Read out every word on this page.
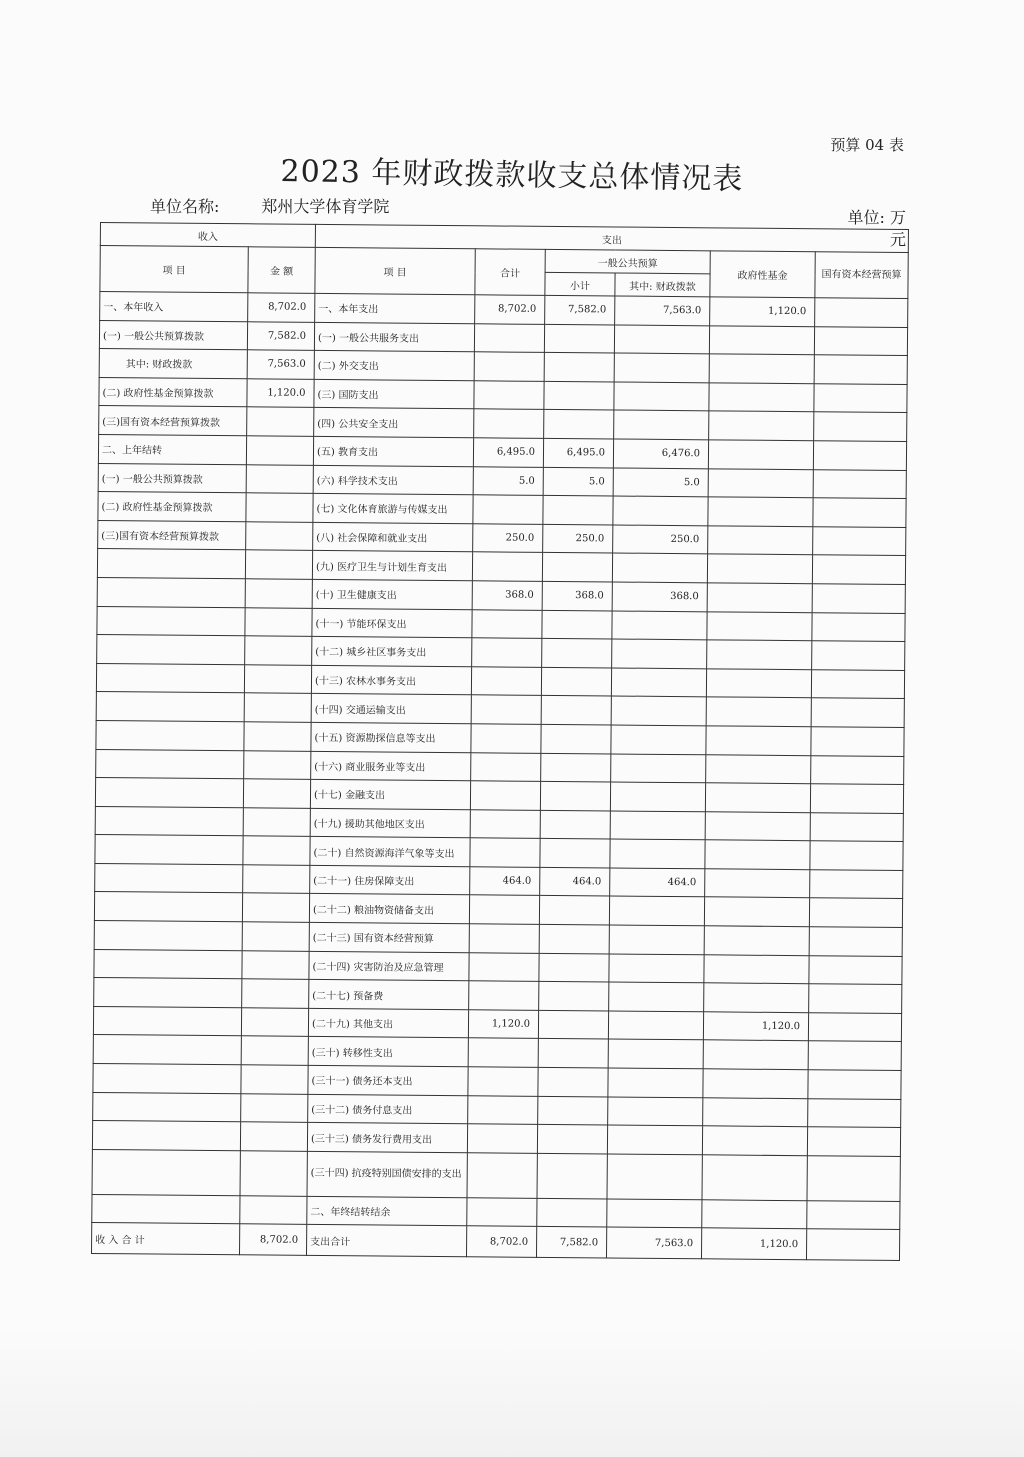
预算 04 表
2023 年财政拨款收支总体情况表
单位名称:	郑州大学体育学院
单位: 万元
收入		支出					
项 目	金 额	项 目	合计	一般公共预算		政府性基金	国有资本经营预算
				小计	其中: 财政拨款		
一、本年收入	8,702.0	一、本年支出	8,702.0	7,582.0	7,563.0	1,120.0	
(一) 一般公共预算拨款	7,582.0	(一) 一般公共服务支出					
其中: 财政拨款	7,563.0	(二) 外交支出					
(二) 政府性基金预算拨款	1,120.0	(三) 国防支出					
(三)国有资本经营预算拨款		(四) 公共安全支出					
二、上年结转		(五) 教育支出	6,495.0	6,495.0	6,476.0		
(一) 一般公共预算拨款		(六) 科学技术支出	5.0	5.0	5.0		
(二) 政府性基金预算拨款		(七) 文化体育旅游与传媒支出					
(三)国有资本经营预算拨款		(八) 社会保障和就业支出	250.0	250.0	250.0		
		(九) 医疗卫生与计划生育支出					
		(十) 卫生健康支出	368.0	368.0	368.0		
		(十一) 节能环保支出					
		(十二) 城乡社区事务支出					
		(十三) 农林水事务支出					
		(十四) 交通运输支出					
		(十五) 资源勘探信息等支出					
		(十六) 商业服务业等支出					
		(十七) 金融支出					
		(十九) 援助其他地区支出					
		(二十) 自然资源海洋气象等支出					
		(二十一) 住房保障支出	464.0	464.0	464.0		
		(二十二) 粮油物资储备支出					
		(二十三) 国有资本经营预算					
		(二十四) 灾害防治及应急管理					
		(二十七) 预备费					
		(二十九) 其他支出	1,120.0			1,120.0	
		(三十) 转移性支出					
		(三十一) 债务还本支出					
		(三十二) 债务付息支出					
		(三十三) 债务发行费用支出					
		(三十四) 抗疫特别国债安排的支出					
		二、年终结转结余					
收 入 合 计	8,702.0	支出合计	8,702.0	7,582.0	7,563.0	1,120.0	
